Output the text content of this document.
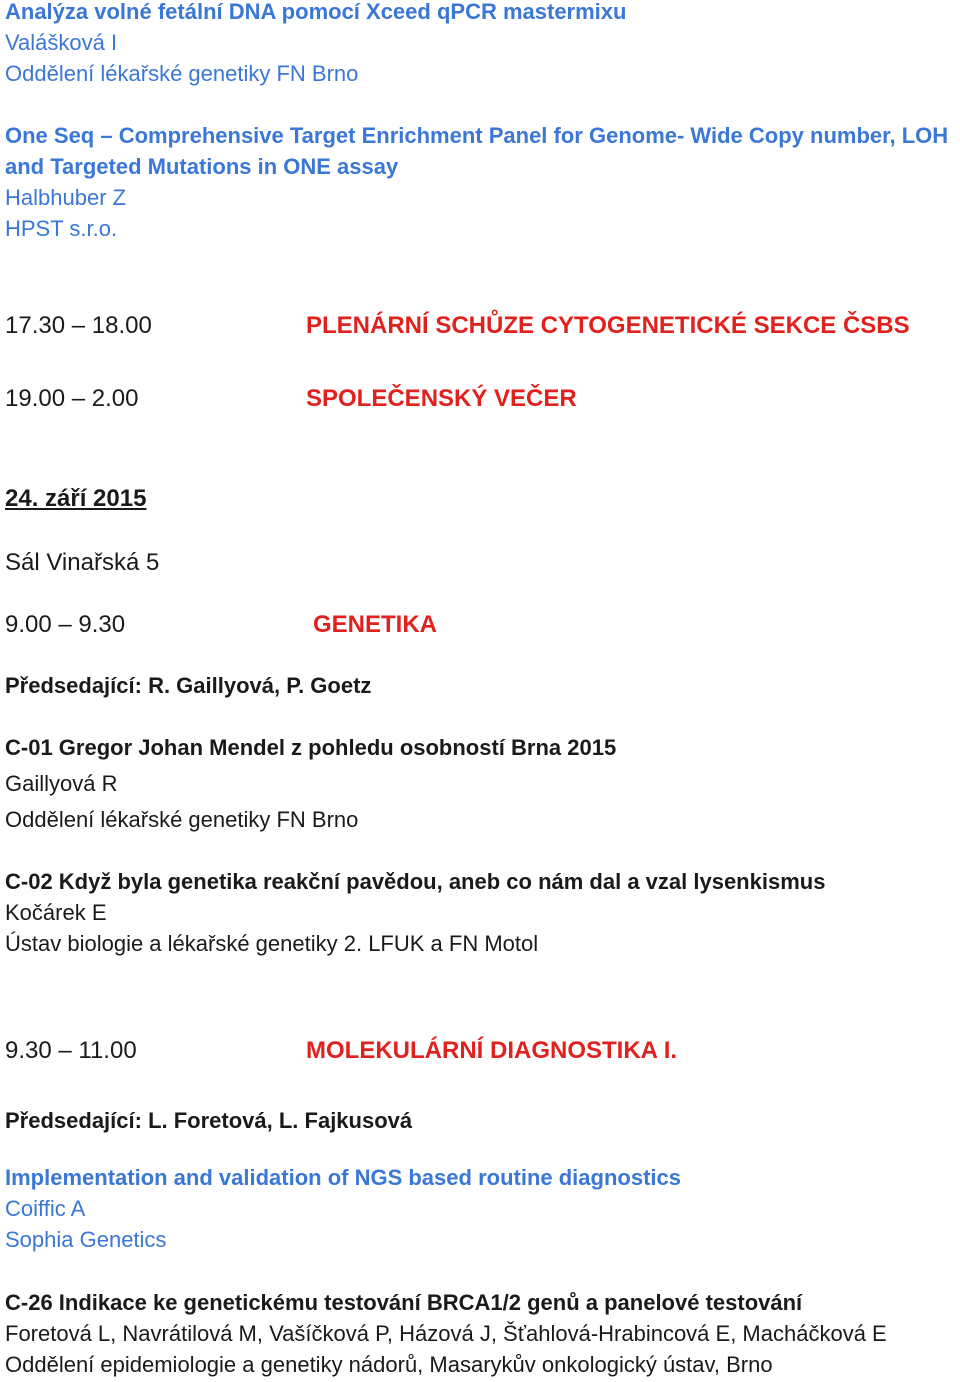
Analýza volné fetální DNA pomocí Xceed qPCR mastermixu
Valášková I
Oddělení lékařské genetiky FN Brno
One Seq – Comprehensive Target Enrichment Panel for Genome- Wide Copy number, LOH
and Targeted Mutations in ONE assay
Halbhuber Z
HPST s.r.o.
17.30 – 18.00	PLENÁRNÍ SCHŮZE CYTOGENETICKÉ SEKCE ČSBS
19.00 – 2.00	SPOLEČENSKÝ VEČER
24. září 2015
Sál Vinařská 5
9.00 – 9.30	GENETIKA
Předsedající: R. Gaillyová, P. Goetz
C-01 Gregor Johan Mendel z pohledu osobností Brna 2015
Gaillyová R
Oddělení lékařské genetiky FN Brno
C-02 Když byla genetika reakční pavědou, aneb co nám dal a vzal lysenkismus
Kočárek E
Ústav biologie a lékařské genetiky 2. LFUK a FN Motol
9.30 – 11.00	MOLEKULÁRNÍ DIAGNOSTIKA I.
Předsedající: L. Foretová, L. Fajkusová
Implementation and validation of NGS based routine diagnostics
Coiffic A
Sophia Genetics
C-26 Indikace ke genetickému testování BRCA1/2 genů a panelové testování
Foretová L, Navrátilová M, Vašíčková P, Házová J, Šťahlová-Hrabincová E, Macháčková E
Oddělení epidemiologie a genetiky nádorů, Masarykův onkologický ústav, Brno
